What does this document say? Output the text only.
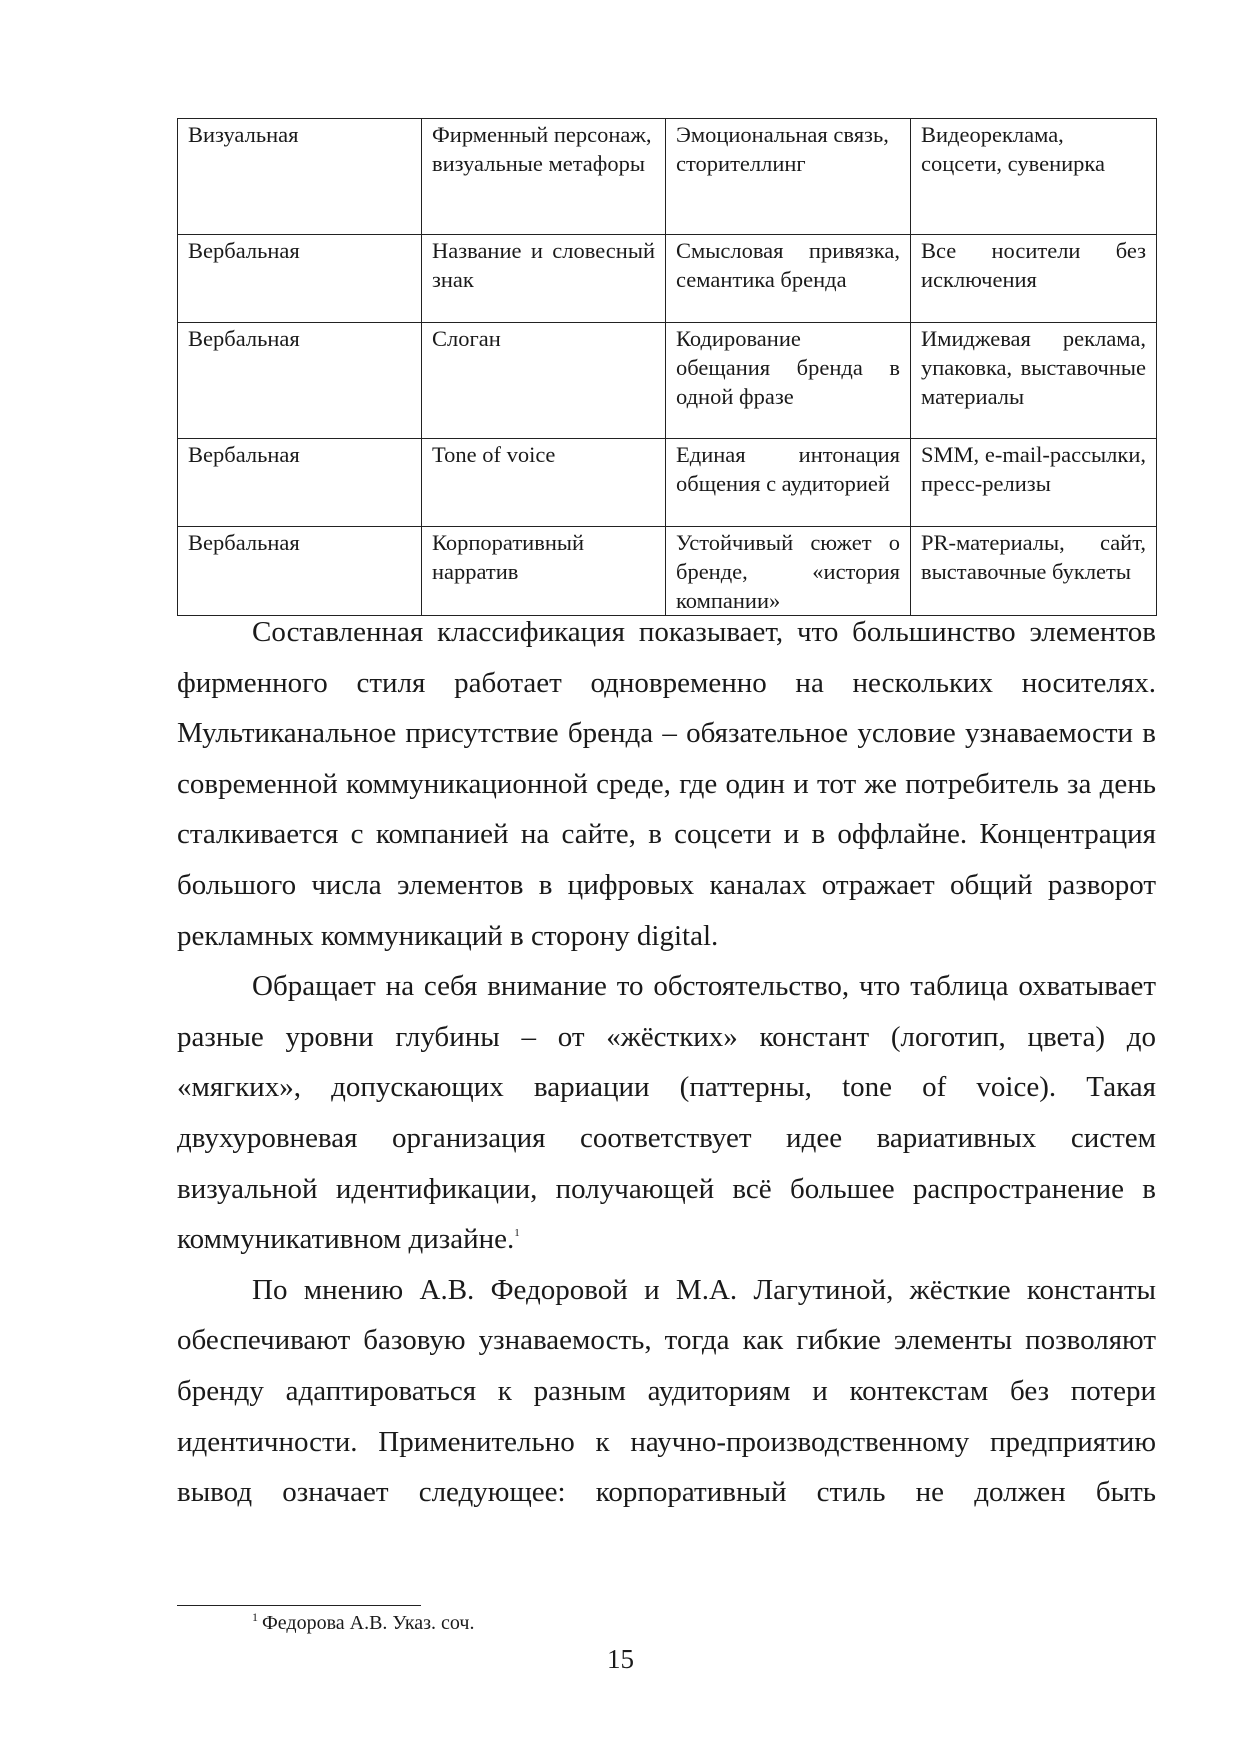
Визуальная	Фирменный персонаж, визуальные метафоры	Эмоциональная связь, сторителлинг	Видеореклама, соцсети, сувенирка
Вербальная	Название и словесный знак	Смысловая привязка, семантика бренда	Все носители без исключения
Вербальная	Слоган	Кодирование обещания бренда в одной фразе	Имиджевая реклама, упаковка, выставочные материалы
Вербальная	Tone of voice	Единая интонация общения с аудиторией	SMM, e-mail-рассылки, пресс-релизы
Вербальная	Корпоративный нарратив	Устойчивый сюжет о бренде, «история компании»	PR-материалы, сайт, выставочные буклеты

Составленная классификация показывает, что большинство элементов фирменного стиля работает одновременно на нескольких носителях. Мультиканальное присутствие бренда – обязательное условие узнаваемости в современной коммуникационной среде, где один и тот же потребитель за день сталкивается с компанией на сайте, в соцсети и в оффлайне. Концентрация большого числа элементов в цифровых каналах отражает общий разворот рекламных коммуникаций в сторону digital.

Обращает на себя внимание то обстоятельство, что таблица охватывает разные уровни глубины – от «жёстких» констант (логотип, цвета) до «мягких», допускающих вариации (паттерны, tone of voice). Такая двухуровневая организация соответствует идее вариативных систем визуальной идентификации, получающей всё большее распространение в коммуникативном дизайне.$^1$

По мнению А.В. Федоровой и М.А. Лагутиной, жёсткие константы обеспечивают базовую узнаваемость, тогда как гибкие элементы позволяют бренду адаптироваться к разным аудиториям и контекстам без потери идентичности. Применительно к научно-производственному предприятию вывод означает следующее: корпоративный стиль не должен быть

$^1$ Федорова А.В. Указ. соч.
15
